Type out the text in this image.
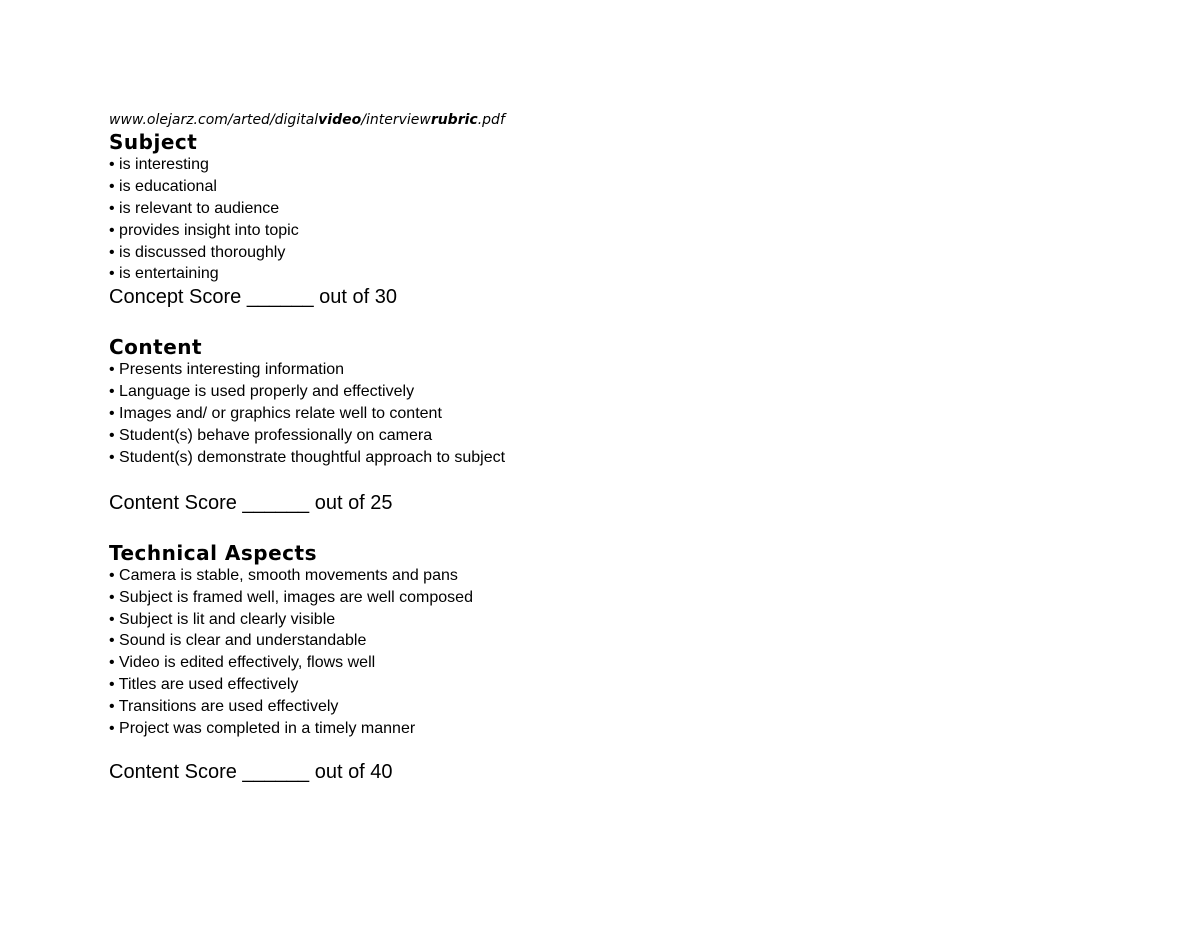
www.olejarz.com/arted/digitalvideo/interviewrubric.pdf
Subject
• is interesting
• is educational
• is relevant to audience
• provides insight into topic
• is discussed thoroughly
• is entertaining
Concept Score ______ out of 30
Content
• Presents interesting information
• Language is used properly and effectively
• Images and/ or graphics relate well to content
• Student(s) behave professionally on camera
• Student(s) demonstrate thoughtful approach to subject
Content Score ______ out of 25
Technical Aspects
• Camera is stable, smooth movements and pans
• Subject is framed well, images are well composed
• Subject is lit and clearly visible
• Sound is clear and understandable
• Video is edited effectively, flows well
• Titles are used effectively
• Transitions are used effectively
• Project was completed in a timely manner
Content Score ______ out of 40
